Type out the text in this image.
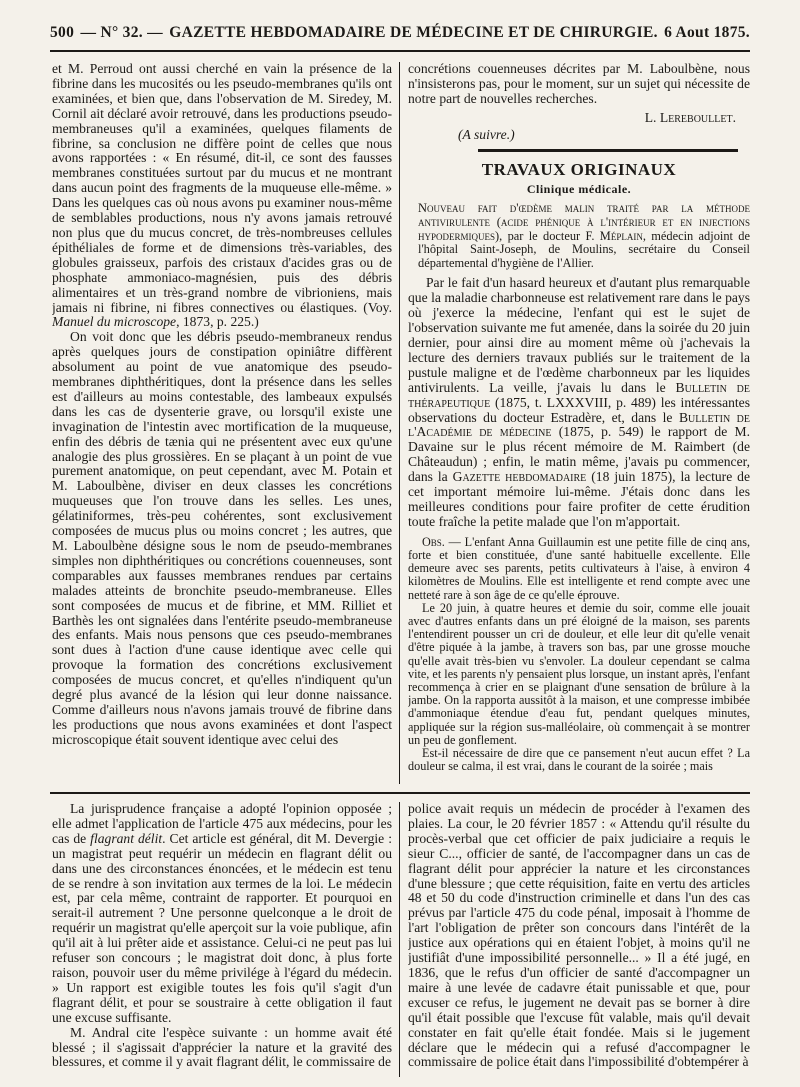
500 — N° 32. — GAZETTE HEBDOMADAIRE DE MÉDECINE ET DE CHIRURGIE. 6 Aout 1875.

et M. Perroud ont aussi cherché en vain la présence de la fibrine dans les mucosités ou les pseudo-membranes qu'ils ont examinées, et bien que, dans l'observation de M. Siredey, M. Cornil ait déclaré avoir retrouvé, dans les productions pseudo-membraneuses qu'il a examinées, quelques filaments de fibrine, sa conclusion ne diffère point de celles que nous avons rapportées : « En résumé, dit-il, ce sont des fausses membranes constituées surtout par du mucus et ne montrant dans aucun point des fragments de la muqueuse elle-même. » Dans les quelques cas où nous avons pu examiner nous-même de semblables productions, nous n'y avons jamais retrouvé non plus que du mucus concret, de très-nombreuses cellules épithéliales de forme et de dimensions très-variables, des globules graisseux, parfois des cristaux d'acides gras ou de phosphate ammoniaco-magnésien, puis des débris alimentaires et un très-grand nombre de vibrioniens, mais jamais ni fibrine, ni fibres connectives ou élastiques. (Voy. Manuel du microscope, 1873, p. 225.)

On voit donc que les débris pseudo-membraneux rendus après quelques jours de constipation opiniâtre diffèrent absolument au point de vue anatomique des pseudo-membranes diphthéritiques, dont la présence dans les selles est d'ailleurs au moins contestable, des lambeaux expulsés dans les cas de dysenterie grave, ou lorsqu'il existe une invagination de l'intestin avec mortification de la muqueuse, enfin des débris de tænia qui ne présentent avec eux qu'une analogie des plus grossières. En se plaçant à un point de vue purement anatomique, on peut cependant, avec M. Potain et M. Laboulbène, diviser en deux classes les concrétions muqueuses que l'on trouve dans les selles. Les unes, gélatiniformes, très-peu cohérentes, sont exclusivement composées de mucus plus ou moins concret ; les autres, que M. Laboulbène désigne sous le nom de pseudo-membranes simples non diphthéritiques ou concrétions couenneuses, sont comparables aux fausses membranes rendues par certains malades atteints de bronchite pseudo-membraneuse. Elles sont composées de mucus et de fibrine, et MM. Rilliet et Barthès les ont signalées dans l'entérite pseudo-membraneuse des enfants. Mais nous pensons que ces pseudo-membranes sont dues à l'action d'une cause identique avec celle qui provoque la formation des concrétions exclusivement composées de mucus concret, et qu'elles n'indiquent qu'un degré plus avancé de la lésion qui leur donne naissance. Comme d'ailleurs nous n'avons jamais trouvé de fibrine dans les productions que nous avons examinées et dont l'aspect microscopique était souvent identique avec celui des

concrétions couenneuses décrites par M. Laboulbène, nous n'insisterons pas, pour le moment, sur un sujet qui nécessite de notre part de nouvelles recherches.

L. Lereboullet.
(A suivre.)
TRAVAUX ORIGINAUX
Clinique médicale.

Nouveau fait d'œdème malin traité par la méthode antivirulente (acide phénique à l'intérieur et en injections hypodermiques), par le docteur F. Méplain, médecin adjoint de l'hôpital Saint-Joseph, de Moulins, secrétaire du Conseil départemental d'hygiène de l'Allier.

Par le fait d'un hasard heureux et d'autant plus remarquable que la maladie charbonneuse est relativement rare dans le pays où j'exerce la médecine, l'enfant qui est le sujet de l'observation suivante me fut amenée, dans la soirée du 20 juin dernier, pour ainsi dire au moment même où j'achevais la lecture des derniers travaux publiés sur le traitement de la pustule maligne et de l'œdème charbonneux par les liquides antivirulents. La veille, j'avais lu dans le Bulletin de thérapeutique (1875, t. LXXXVIII, p. 489) les intéressantes observations du docteur Estradère, et, dans le Bulletin de l'Académie de médecine (1875, p. 549) le rapport de M. Davaine sur le plus récent mémoire de M. Raimbert (de Châteaudun) ; enfin, le matin même, j'avais pu commencer, dans la Gazette hebdomadaire (18 juin 1875), la lecture de cet important mémoire lui-même. J'étais donc dans les meilleures conditions pour faire profiter de cette érudition toute fraîche la petite malade que l'on m'apportait.

Obs. — L'enfant Anna Guillaumin est une petite fille de cinq ans, forte et bien constituée, d'une santé habituelle excellente. Elle demeure avec ses parents, petits cultivateurs à l'aise, à environ 4 kilomètres de Moulins. Elle est intelligente et rend compte avec une netteté rare à son âge de ce qu'elle éprouve.

Le 20 juin, à quatre heures et demie du soir, comme elle jouait avec d'autres enfants dans un pré éloigné de la maison, ses parents l'entendirent pousser un cri de douleur, et elle leur dit qu'elle venait d'être piquée à la jambe, à travers son bas, par une grosse mouche qu'elle avait très-bien vu s'envoler. La douleur cependant se calma vite, et les parents n'y pensaient plus lorsque, un instant après, l'enfant recommença à crier en se plaignant d'une sensation de brûlure à la jambe. On la rapporta aussitôt à la maison, et une compresse imbibée d'ammoniaque étendue d'eau fut, pendant quelques minutes, appliquée sur la région sus-malléolaire, où commençait à se montrer un peu de gonflement.

Est-il nécessaire de dire que ce pansement n'eut aucun effet ? La douleur se calma, il est vrai, dans le courant de la soirée ; mais

La jurisprudence française a adopté l'opinion opposée ; elle admet l'application de l'article 475 aux médecins, pour les cas de flagrant délit. Cet article est général, dit M. Devergie : un magistrat peut requérir un médecin en flagrant délit ou dans une des circonstances énoncées, et le médecin est tenu de se rendre à son invitation aux termes de la loi. Le médecin est, par cela même, contraint de rapporter. Et pourquoi en serait-il autrement ? Une personne quelconque a le droit de requérir un magistrat qu'elle aperçoit sur la voie publique, afin qu'il ait à lui prêter aide et assistance. Celui-ci ne peut pas lui refuser son concours ; le magistrat doit donc, à plus forte raison, pouvoir user du même privilége à l'égard du médecin. » Un rapport est exigible toutes les fois qu'il s'agit d'un flagrant délit, et pour se soustraire à cette obligation il faut une excuse suffisante.

M. Andral cite l'espèce suivante : un homme avait été blessé ; il s'agissait d'apprécier la nature et la gravité des blessures, et comme il y avait flagrant délit, le commissaire de

police avait requis un médecin de procéder à l'examen des plaies. La cour, le 20 février 1857 : « Attendu qu'il résulte du procès-verbal que cet officier de paix judiciaire a requis le sieur C..., officier de santé, de l'accompagner dans un cas de flagrant délit pour apprécier la nature et les circonstances d'une blessure ; que cette réquisition, faite en vertu des articles 48 et 50 du code d'instruction criminelle et dans l'un des cas prévus par l'article 475 du code pénal, imposait à l'homme de l'art l'obligation de prêter son concours dans l'intérêt de la justice aux opérations qui en étaient l'objet, à moins qu'il ne justifiât d'une impossibilité personnelle... » Il a été jugé, en 1836, que le refus d'un officier de santé d'accompagner un maire à une levée de cadavre était punissable et que, pour excuser ce refus, le jugement ne devait pas se borner à dire qu'il était possible que l'excuse fût valable, mais qu'il devait constater en fait qu'elle était fondée. Mais si le jugement déclare que le médecin qui a refusé d'accompagner le commissaire de police était dans l'impossibilité d'obtempérer à
